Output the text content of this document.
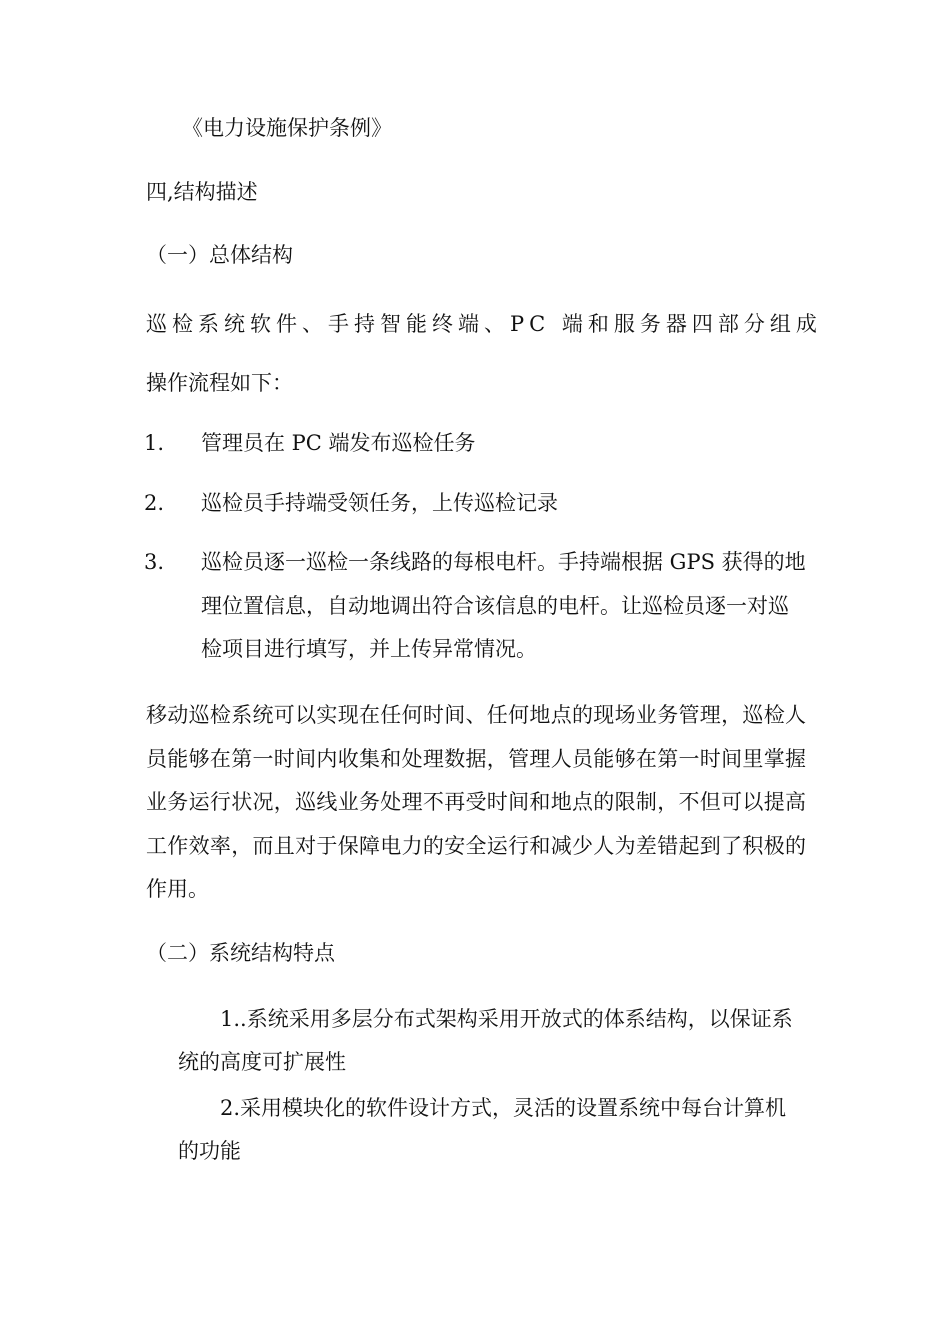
《电力设施保护条例》
四,结构描述
（一）总体结构
巡检系统软件、手持智能终端、PC 端和服务器四部分组成
操作流程如下：
1. 管理员在 PC 端发布巡检任务
2. 巡检员手持端受领任务，上传巡检记录
3. 巡检员逐一巡检一条线路的每根电杆。手持端根据 GPS 获得的地理位置信息，自动地调出符合该信息的电杆。让巡检员逐一对巡检项目进行填写，并上传异常情况。
移动巡检系统可以实现在任何时间、任何地点的现场业务管理，巡检人员能够在第一时间内收集和处理数据，管理人员能够在第一时间里掌握业务运行状况，巡线业务处理不再受时间和地点的限制，不但可以提高工作效率，而且对于保障电力的安全运行和减少人为差错起到了积极的作用。
（二）系统结构特点
1..系统采用多层分布式架构采用开放式的体系结构，以保证系统的高度可扩展性
2.采用模块化的软件设计方式，灵活的设置系统中每台计算机的功能
